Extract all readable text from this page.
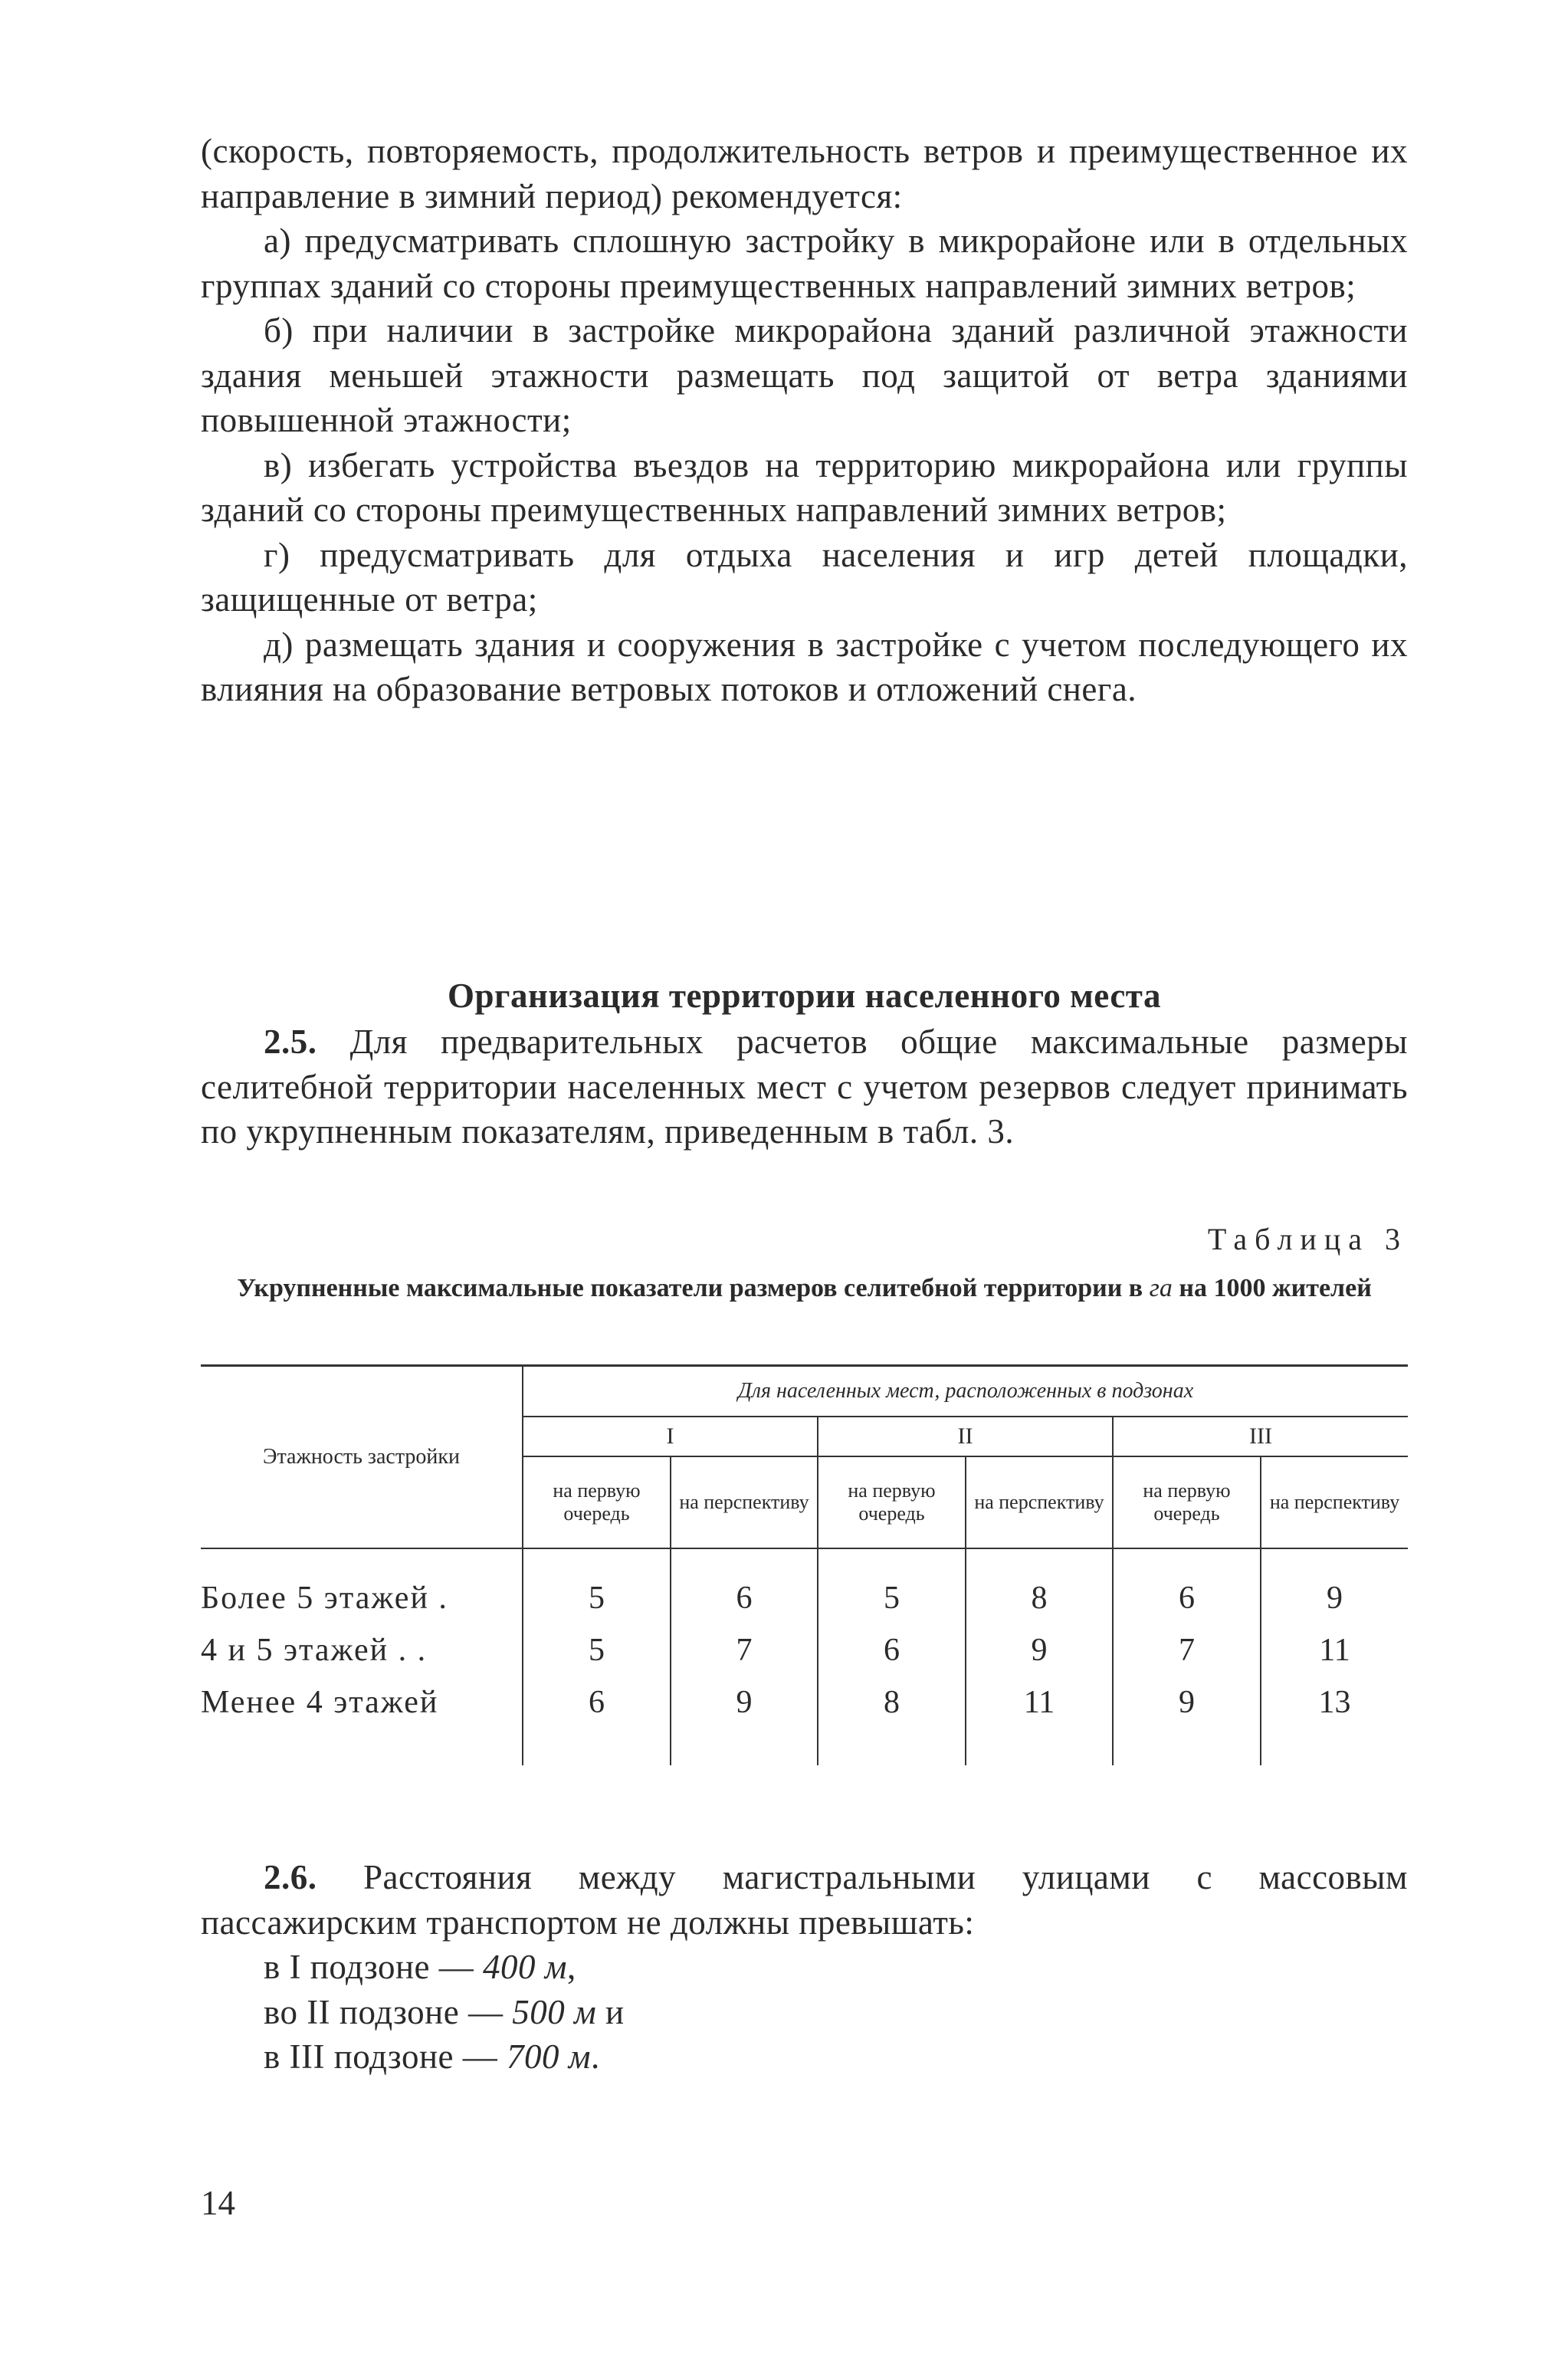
(скорость, повторяемость, продолжительность ветров и преимущественное их направление в зимний период) рекомендуется:

а) предусматривать сплошную застройку в микрорайоне или в отдельных группах зданий со стороны преимущественных направлений зимних ветров;

б) при наличии в застройке микрорайона зданий различной этажности здания меньшей этажности размещать под защитой от ветра зданиями повышенной этажности;

в) избегать устройства въездов на территорию микрорайона или группы зданий со стороны преимущественных направлений зимних ветров;

г) предусматривать для отдыха населения и игр детей площадки, защищенные от ветра;

д) размещать здания и сооружения в застройке с учетом последующего их влияния на образование ветровых потоков и отложений снега.

Организация территории населенного места

2.5. Для предварительных расчетов общие максимальные размеры селитебной территории населенных мест с учетом резервов следует принимать по укрупненным показателям, приведенным в табл. 3.

Таблица 3
Укрупненные максимальные показатели размеров селитебной территории в га на 1000 жителей
Этажность застройки	Для населенных мест, расположенных в подзонах					
	I		II		III	
	на первую очередь	на перспективу	на первую очередь	на перспективу	на первую очередь	на перспективу
Более 5 этажей .	5	6	5	8	6	9
4 и 5 этажей . .	5	7	6	9	7	11
Менее 4 этажей	6	9	8	11	9	13

2.6. Расстояния между магистральными улицами с массовым пассажирским транспортом не должны превышать:

в I подзоне — 400 м,

во II подзоне — 500 м и

в III подзоне — 700 м.

14
